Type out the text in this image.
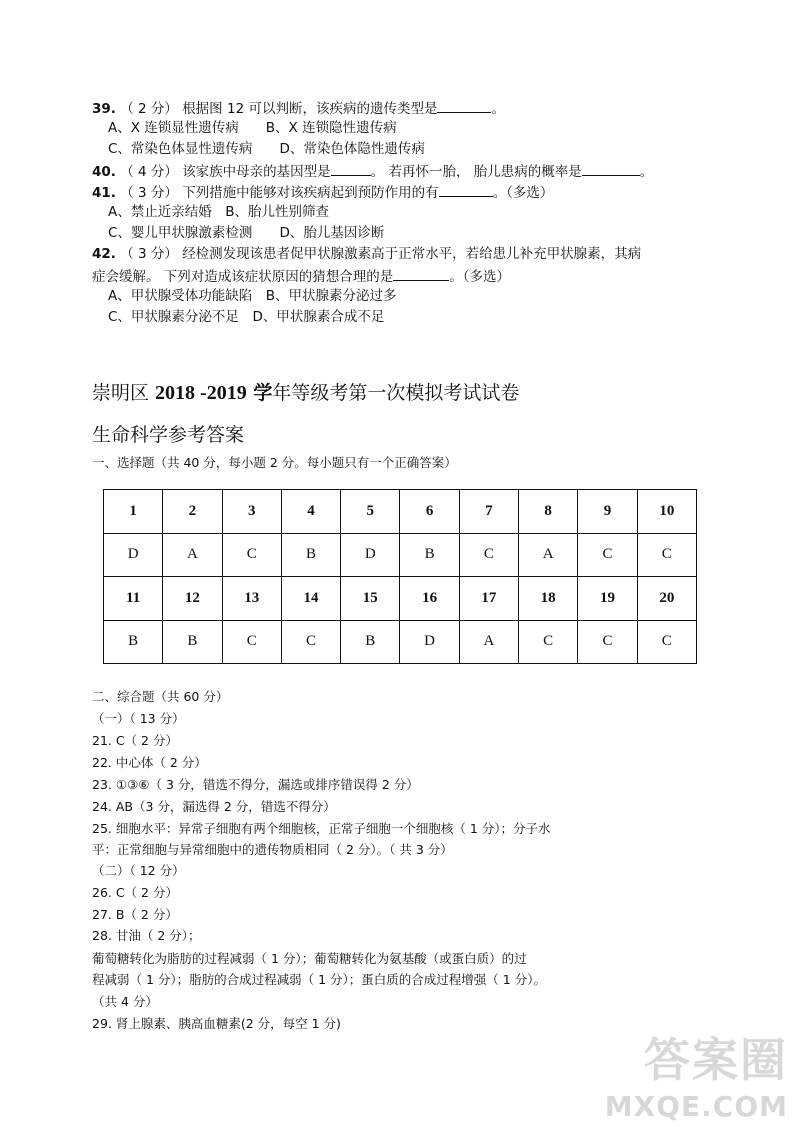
39. （ 2 分） 根据图 12 可以判断，该疾病的遗传类型是	。
A、X 连锁显性遗传病　　 B、X 连锁隐性遗传病
C、常染色体显性遗传病　　 D、常染色体隐性遗传病
40. （ 4 分） 该家族中母亲的基因型是	。 若再怀一胎， 胎儿患病的概率是	。
41. （ 3 分） 下列措施中能够对该疾病起到预防作用的有	。（多选）
A、禁止近亲结婚　 B、胎儿性别筛查
C、婴儿甲状腺激素检测　　 D、胎儿基因诊断
42. （ 3 分） 经检测发现该患者促甲状腺激素高于正常水平，若给患儿补充甲状腺素，其病
症会缓解。 下列对造成该症状原因的猜想合理的是	。（多选）
A、甲状腺受体功能缺陷　 B、甲状腺素分泌过多
C、甲状腺素分泌不足　 D、甲状腺素合成不足
崇明区 2018 -2019 学年等级考第一次模拟考试试卷
生命科学参考答案
一、选择题（共 40 分，每小题 2 分。每小题只有一个正确答案）
1	2	3	4	5	6	7	8	9	10
D	A	C	B	D	B	C	A	C	C
11	12	13	14	15	16	17	18	19	20
B	B	C	C	B	D	A	C	C	C
二、综合题（共 60 分）
（一）（ 13 分）
21. C（ 2 分）
22. 中心体（ 2 分）
23. ①③⑥（ 3 分，错选不得分，漏选或排序错误得 2 分）
24. AB（3 分，漏选得 2 分，错选不得分）
25. 细胞水平：异常子细胞有两个细胞核，正常子细胞一个细胞核（ 1 分）；分子水
平：正常细胞与异常细胞中的遗传物质相同（ 2 分）。（ 共 3 分）
（二）（ 12 分）
26. C（ 2 分）
27. B（ 2 分）
28. 甘油（ 2 分）；
葡萄糖转化为脂肪的过程减弱（ 1 分）；葡萄糖转化为氨基酸（或蛋白质）的过
程减弱（ 1 分）；脂肪的合成过程减弱（ 1 分）；蛋白质的合成过程增强（ 1 分）。
（共 4 分）
29. 肾上腺素、胰高血糖素(2 分，每空 1 分)
答案圈
MXQE.COM
